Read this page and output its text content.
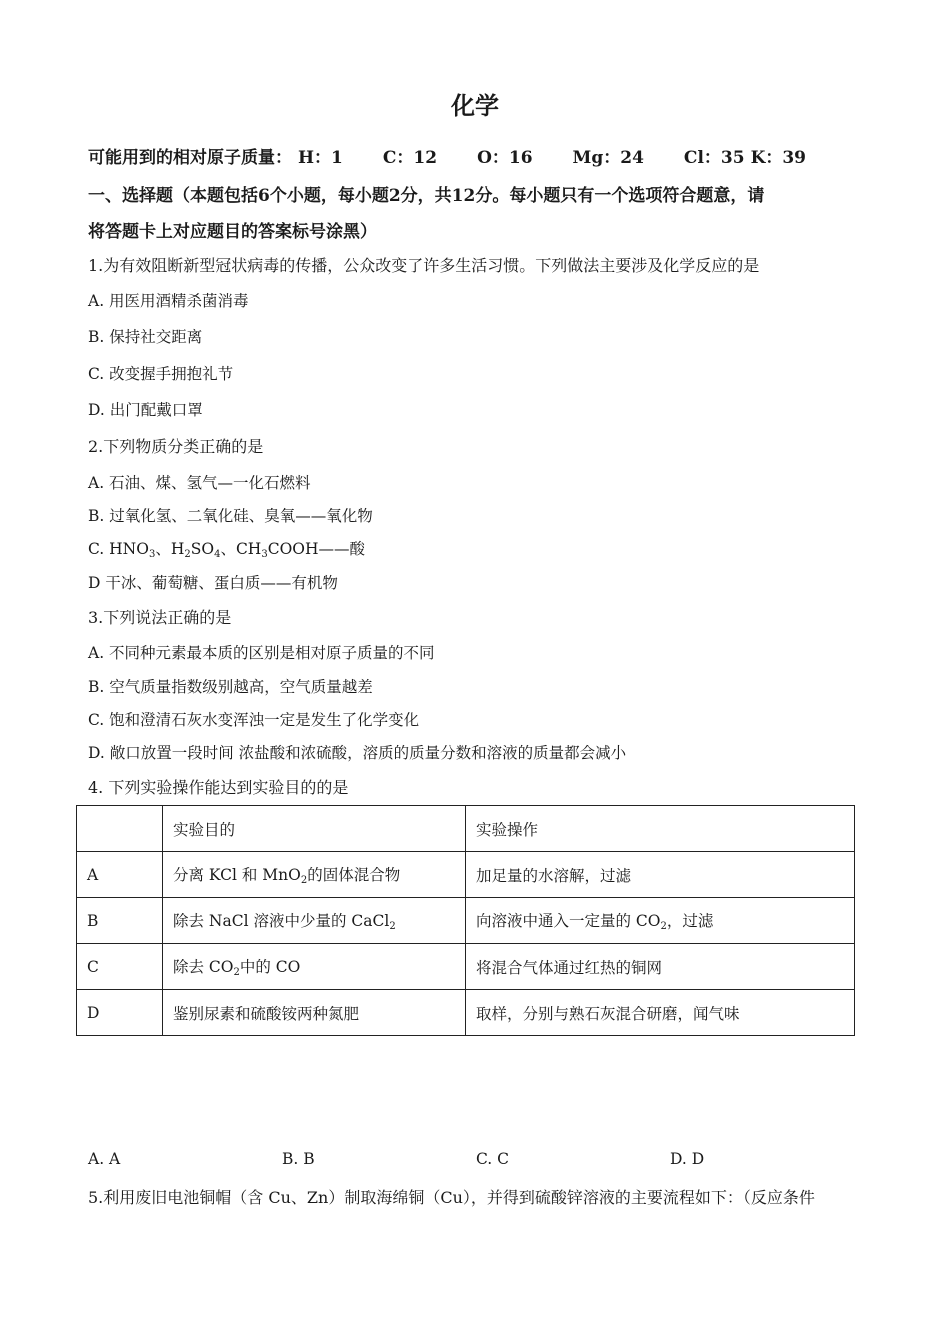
化学
可能用到的相对原子质量： H：1 C：12 O：16 Mg：24 Cl：35 K：39
一、选择题（本题包括6个小题，每小题2分，共12分。每小题只有一个选项符合题意，请
将答题卡上对应题目的答案标号涂黑）
1.为有效阻断新型冠状病毒的传播，公众改变了许多生活习惯。下列做法主要涉及化学反应的是
A. 用医用酒精杀菌消毒
B. 保持社交距离
C. 改变握手拥抱礼节
D. 出门配戴口罩
2.下列物质分类正确的是
A. 石油、煤、氢气—一化石燃料
B. 过氧化氢、二氧化硅、臭氧——氧化物
C. $HNO_3$、$H_2SO_4$、$CH_3COOH——$酸
D 干冰、葡萄糖、蛋白质——有机物
3.下列说法正确的是
A. 不同种元素最本质的区别是相对原子质量的不同
B. 空气质量指数级别越高，空气质量越差
C. 饱和澄清石灰水变浑浊一定是发生了化学变化
D. 敞口放置一段时间 浓盐酸和浓硫酸，溶质的质量分数和溶液的质量都会减小
4. 下列实验操作能达到实验目的的是
	实验目的	实验操作
A	分离 KCl 和 MnO$_2$的固体混合物	加足量的水溶解，过滤
B	除去 NaCl 溶液中少量的 CaCl$_2$	向溶液中通入一定量的 $CO_2$，过滤
C	除去 $CO_2$中的 CO	将混合气体通过红热的铜网
D	鉴别尿素和硫酸铵两种氮肥	取样，分别与熟石灰混合研磨，闻气味
A. A	B. B	C. C	D. D
5.利用废旧电池铜帽（含 Cu、Zn）制取海绵铜（Cu），并得到硫酸锌溶液的主要流程如下：（反应条件
